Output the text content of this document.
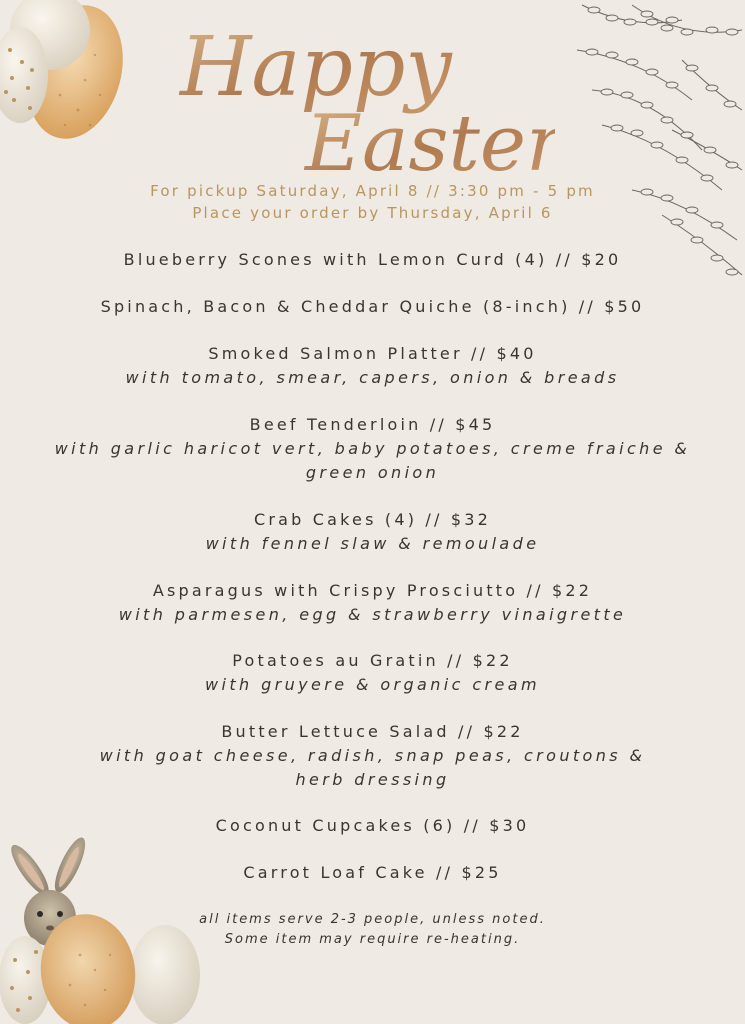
Happy
Easter
For pickup Saturday, April 8 // 3:30 pm - 5 pm
Place your order by Thursday, April 6
Blueberry Scones with Lemon Curd (4) // $20
Spinach, Bacon & Cheddar Quiche (8-inch) // $50
Smoked Salmon Platter // $40
with tomato, smear, capers, onion & breads
Beef Tenderloin // $45
with garlic haricot vert, baby potatoes, creme fraiche &
green onion
Crab Cakes (4) // $32
with fennel slaw & remoulade
Asparagus with Crispy Prosciutto // $22
with parmesen, egg & strawberry vinaigrette
Potatoes au Gratin // $22
with gruyere & organic cream
Butter Lettuce Salad // $22
with goat cheese, radish, snap peas, croutons &
herb dressing
Coconut Cupcakes (6) // $30
Carrot Loaf Cake // $25
all items serve 2-3 people, unless noted.
Some item may require re-heating.
